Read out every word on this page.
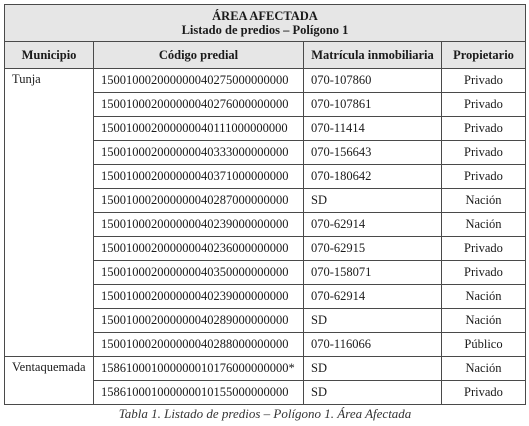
Tabla 1. Listado de predios – Polígono 1. Área Afectada
ÁREA AFECTADA
Listado de predios – Polígono 1			

Municipio	Código predial	Matrícula inmobiliaria	Propietario
Tunja	150010002000000040275000000000	070-107860	Privado
	150010002000000040276000000000	070-107861	Privado
	150010002000000040111000000000	070-11414	Privado
	150010002000000040333000000000	070-156643	Privado
	150010002000000040371000000000	070-180642	Privado
	150010002000000040287000000000	SD	Nación
	150010002000000040239000000000	070-62914	Nación
	150010002000000040236000000000	070-62915	Privado
	150010002000000040350000000000	070-158071	Privado
	150010002000000040239000000000	070-62914	Nación
	150010002000000040289000000000	SD	Nación
	150010002000000040288000000000	070-116066	Público
Ventaquemada	158610001000000010176000000000*	SD	Nación
	158610001000000010155000000000	SD	Privado
